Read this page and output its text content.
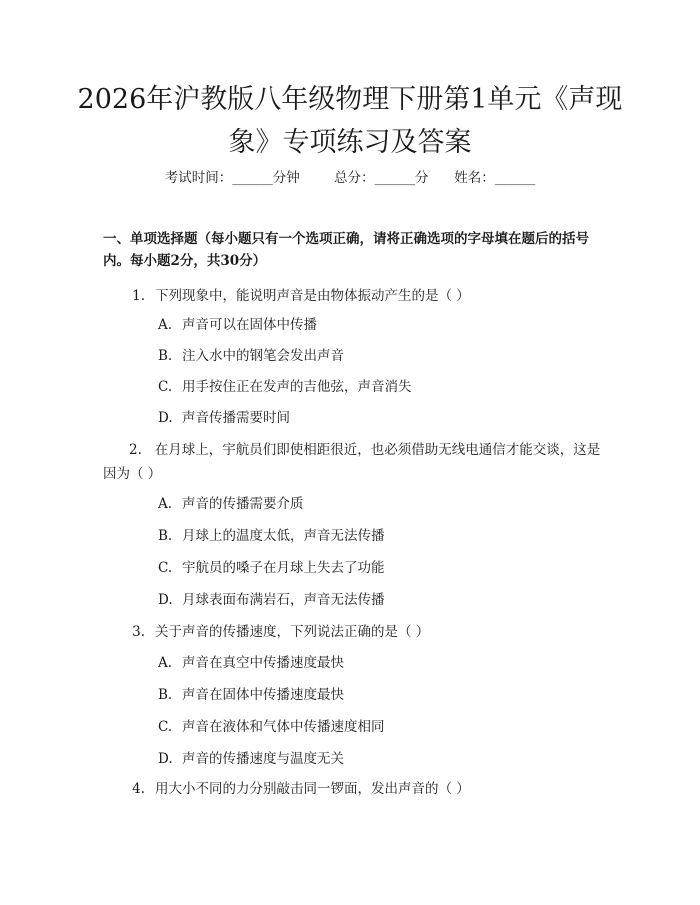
2026年沪教版八年级物理下册第1单元《声现象》专项练习及答案
考试时间：______分钟	总分：______分 姓名：______

一、单项选择题（每小题只有一个选项正确，请将正确选项的字母填在题后的括号内。每小题2分，共30分）

1. 下列现象中，能说明声音是由物体振动产生的是（ ）
A. 声音可以在固体中传播
B. 注入水中的钢笔会发出声音
C. 用手按住正在发声的吉他弦，声音消失
D. 声音传播需要时间
2. 在月球上，宇航员们即使相距很近，也必须借助无线电通信才能交谈，这是因为（ ）
A. 声音的传播需要介质
B. 月球上的温度太低，声音无法传播
C. 宇航员的嗓子在月球上失去了功能
D. 月球表面布满岩石，声音无法传播
3. 关于声音的传播速度，下列说法正确的是（ ）
A. 声音在真空中传播速度最快
B. 声音在固体中传播速度最快
C. 声音在液体和气体中传播速度相同
D. 声音的传播速度与温度无关
4. 用大小不同的力分别敲击同一锣面，发出声音的（ ）
